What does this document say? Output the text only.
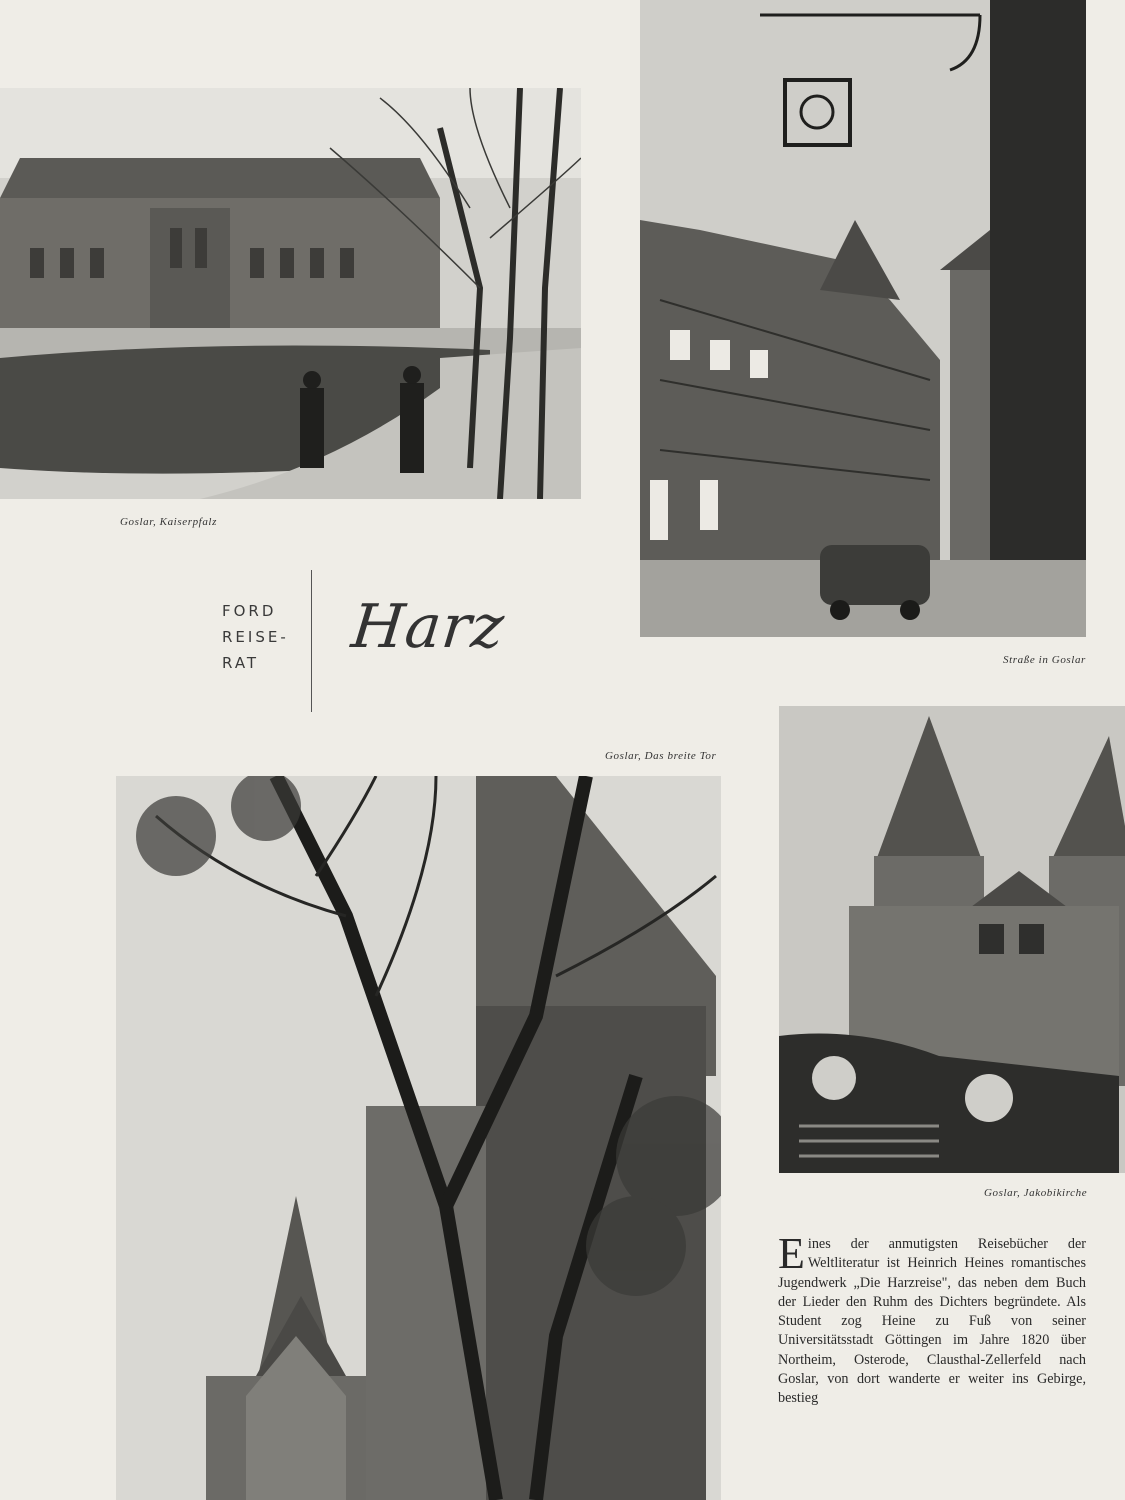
Goslar, Kaiserpfalz
Straße in Goslar
FORD
REISE-
RAT
Harz
Goslar, Das breite Tor
Goslar, Jakobikirche
Eines der anmutigsten Reisebücher der Weltliteratur ist Heinrich Heines romantisches Jugendwerk „Die Harzreise", das neben dem Buch der Lieder den Ruhm des Dichters begründete. Als Student zog Heine zu Fuß von seiner Universitätsstadt Göttingen im Jahre 1820 über Northeim, Osterode, Clausthal-Zellerfeld nach Goslar, von dort wanderte er weiter ins Gebirge, bestieg
